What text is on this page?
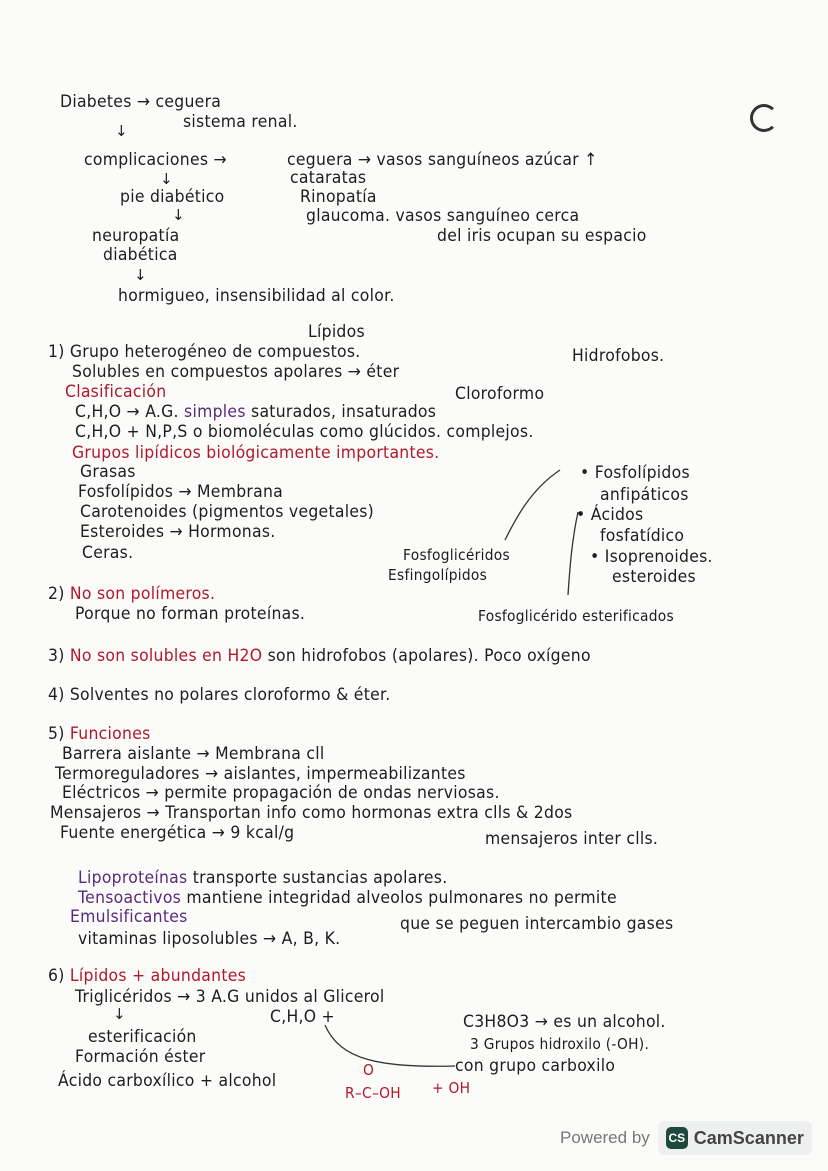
Diabetes → ceguera
sistema renal.
↓
complicaciones →	ceguera → vasos sanguíneos azúcar ↑
cataratas
↓
pie diabético	Rinopatía
glaucoma. vasos sanguíneo cerca
↓
del iris ocupan su espacio
neuropatía
diabética
↓
hormigueo, insensibilidad al color.
Lípidos
1) Grupo heterogéneo de compuestos.	Hidrofobos.
Solubles en compuestos apolares → éter
Clasificación	Cloroformo
C,H,O → A.G. simples saturados, insaturados
C,H,O + N,P,S o biomoléculas como glúcidos. complejos.
Grupos lipídicos biológicamente importantes.
Grasas
Fosfolípidos → Membrana
Carotenoides (pigmentos vegetales)
Esteroides → Hormonas.
Ceras.
• Fosfolípidos
anfipáticos
• Ácidos
fosfatídico
• Isoprenoides.
esteroides
Fosfoglicéridos
Esfingolípidos
2) No son polímeros.
Porque no forman proteínas.	Fosfoglicérido esterificados
3) No son solubles en H2O son hidrofobos (apolares). Poco oxígeno
4) Solventes no polares cloroformo & éter.
5) Funciones
Barrera aislante → Membrana cll
Termoreguladores → aislantes, impermeabilizantes
Eléctricos → permite propagación de ondas nerviosas.
Mensajeros → Transportan info como hormonas extra clls & 2dos
Fuente energética → 9 kcal/g	mensajeros inter clls.
Lipoproteínas transporte sustancias apolares.
Tensoactivos mantiene integridad alveolos pulmonares no permite
Emulsificantes	que se peguen intercambio gases
vitaminas liposolubles → A, B, K.
6) Lípidos + abundantes
Triglicéridos → 3 A.G unidos al Glicerol
↓	C,H,O +	C3H8O3 → es un alcohol.
esterificación	3 Grupos hidroxilo (-OH).
Formación éster	con grupo carboxilo
Ácido carboxílico + alcohol
O
R–C–OH + OH
Powered by CS CamScanner
